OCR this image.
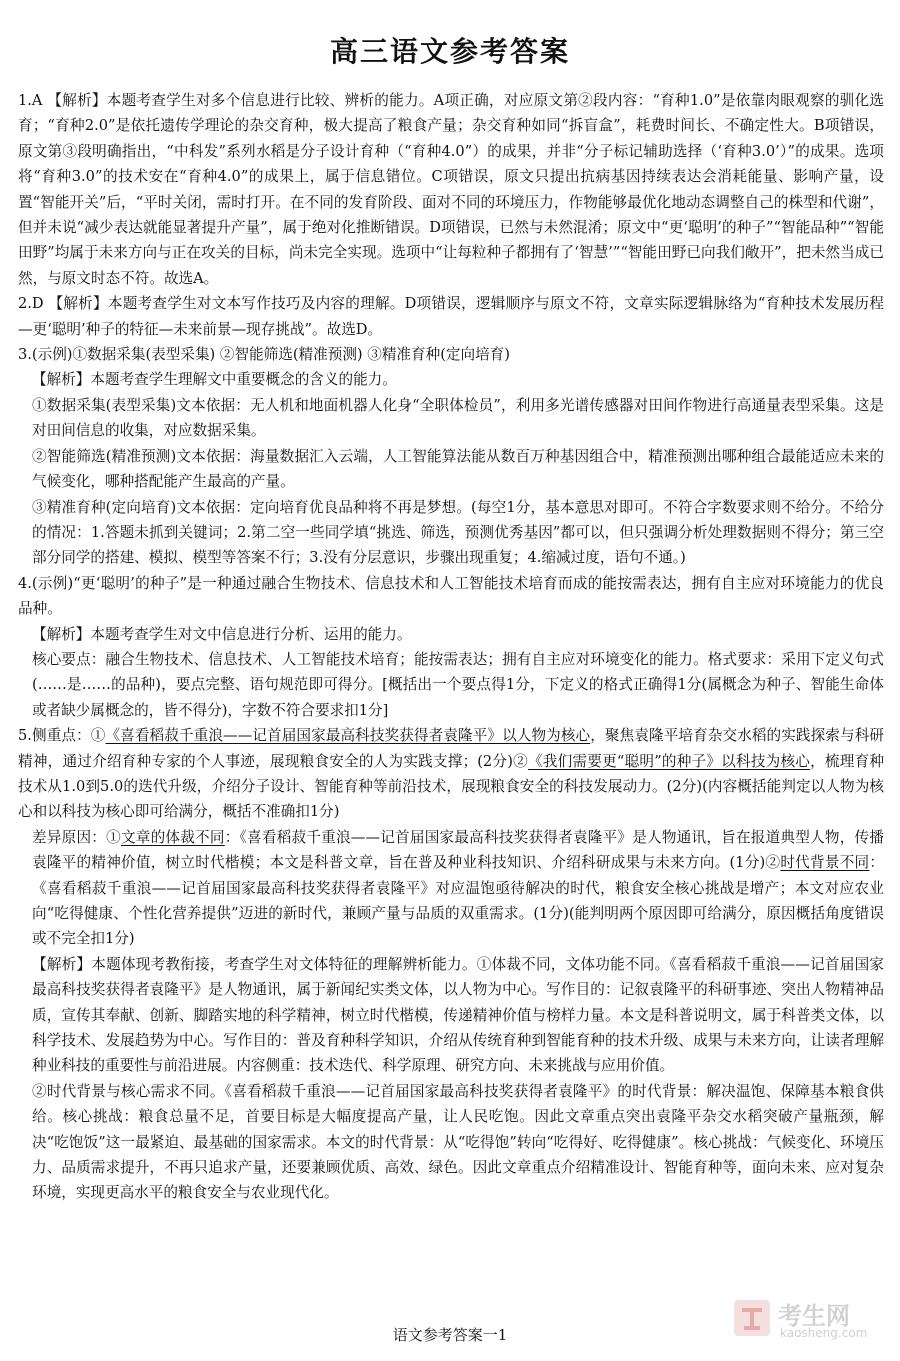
高三语文参考答案

1.A 【解析】本题考查学生对多个信息进行比较、辨析的能力。A项正确，对应原文第②段内容：“育种1.0”是依靠肉眼观察的驯化选育；“育种2.0”是依托遗传学理论的杂交育种，极大提高了粮食产量；杂交育种如同“拆盲盒”，耗费时间长、不确定性大。B项错误，原文第③段明确指出，“中科发”系列水稻是分子设计育种（“育种4.0”）的成果，并非“分子标记辅助选择（‘育种3.0’）”的成果。选项将“育种3.0”的技术安在“育种4.0”的成果上，属于信息错位。C项错误，原文只提出抗病基因持续表达会消耗能量、影响产量，设置“智能开关”后，“平时关闭，需时打开。在不同的发育阶段、面对不同的环境压力，作物能够最优化地动态调整自己的株型和代谢”，但并未说“减少表达就能显著提升产量”，属于绝对化推断错误。D项错误，已然与未然混淆；原文中“更‘聪明’的种子”“智能品种”“智能田野”均属于未来方向与正在攻关的目标，尚未完全实现。选项中“让每粒种子都拥有了‘智慧’”“智能田野已向我们敞开”，把未然当成已然，与原文时态不符。故选A。

2.D 【解析】本题考查学生对文本写作技巧及内容的理解。D项错误，逻辑顺序与原文不符，文章实际逻辑脉络为“育种技术发展历程—更‘聪明’种子的特征—未来前景—现存挑战”。故选D。

3.(示例)①数据采集(表型采集) ②智能筛选(精准预测) ③精准育种(定向培育)

【解析】本题考查学生理解文中重要概念的含义的能力。

①数据采集(表型采集)文本依据：无人机和地面机器人化身“全职体检员”，利用多光谱传感器对田间作物进行高通量表型采集。这是对田间信息的收集，对应数据采集。

②智能筛选(精准预测)文本依据：海量数据汇入云端，人工智能算法能从数百万种基因组合中，精准预测出哪种组合最能适应未来的气候变化，哪种搭配能产生最高的产量。

③精准育种(定向培育)文本依据：定向培育优良品种将不再是梦想。(每空1分，基本意思对即可。不符合字数要求则不给分。不给分的情况：1.答题未抓到关键词；2.第二空一些同学填“挑选、筛选，预测优秀基因”都可以，但只强调分析处理数据则不得分；第三空部分同学的搭建、模拟、模型等答案不行；3.没有分层意识，步骤出现重复；4.缩减过度，语句不通。)

4.(示例)“更‘聪明’的种子”是一种通过融合生物技术、信息技术和人工智能技术培育而成的能按需表达，拥有自主应对环境能力的优良品种。

【解析】本题考查学生对文中信息进行分析、运用的能力。

核心要点：融合生物技术、信息技术、人工智能技术培育；能按需表达；拥有自主应对环境变化的能力。格式要求：采用下定义句式(……是……的品种)，要点完整、语句规范即可得分。[概括出一个要点得1分，下定义的格式正确得1分(属概念为种子、智能生命体或者缺少属概念的，皆不得分)，字数不符合要求扣1分]

5.侧重点：①《喜看稻菽千重浪——记首届国家最高科技奖获得者袁隆平》以人物为核心，聚焦袁隆平培育杂交水稻的实践探索与科研精神，通过介绍育种专家的个人事迹，展现粮食安全的人为实践支撑；(2分)②《我们需要更“聪明”的种子》以科技为核心，梳理育种技术从1.0到5.0的迭代升级，介绍分子设计、智能育种等前沿技术，展现粮食安全的科技发展动力。(2分)(内容概括能判定以人物为核心和以科技为核心即可给满分，概括不准确扣1分)

差异原因：①文章的体裁不同：《喜看稻菽千重浪——记首届国家最高科技奖获得者袁隆平》是人物通讯，旨在报道典型人物，传播袁隆平的精神价值，树立时代楷模；本文是科普文章，旨在普及种业科技知识、介绍科研成果与未来方向。(1分)②时代背景不同：《喜看稻菽千重浪——记首届国家最高科技奖获得者袁隆平》对应温饱亟待解决的时代，粮食安全核心挑战是增产；本文对应农业向“吃得健康、个性化营养提供”迈进的新时代，兼顾产量与品质的双重需求。(1分)(能判明两个原因即可给满分，原因概括角度错误或不完全扣1分)

【解析】本题体现考教衔接，考查学生对文体特征的理解辨析能力。①体裁不同，文体功能不同。《喜看稻菽千重浪——记首届国家最高科技奖获得者袁隆平》是人物通讯，属于新闻纪实类文体，以人物为中心。写作目的：记叙袁隆平的科研事迹、突出人物精神品质，宣传其奉献、创新、脚踏实地的科学精神，树立时代楷模，传递精神价值与榜样力量。本文是科普说明文，属于科普类文体，以科学技术、发展趋势为中心。写作目的：普及育种科学知识，介绍从传统育种到智能育种的技术升级、成果与未来方向，让读者理解种业科技的重要性与前沿进展。内容侧重：技术迭代、科学原理、研究方向、未来挑战与应用价值。

②时代背景与核心需求不同。《喜看稻菽千重浪——记首届国家最高科技奖获得者袁隆平》的时代背景：解决温饱、保障基本粮食供给。核心挑战：粮食总量不足，首要目标是大幅度提高产量，让人民吃饱。因此文章重点突出袁隆平杂交水稻突破产量瓶颈，解决“吃饱饭”这一最紧迫、最基础的国家需求。本文的时代背景：从“吃得饱”转向“吃得好、吃得健康”。核心挑战：气候变化、环境压力、品质需求提升，不再只追求产量，还要兼顾优质、高效、绿色。因此文章重点介绍精准设计、智能育种等，面向未来、应对复杂环境，实现更高水平的粮食安全与农业现代化。

语文参考答案一1
考生网
kaosheng.com
